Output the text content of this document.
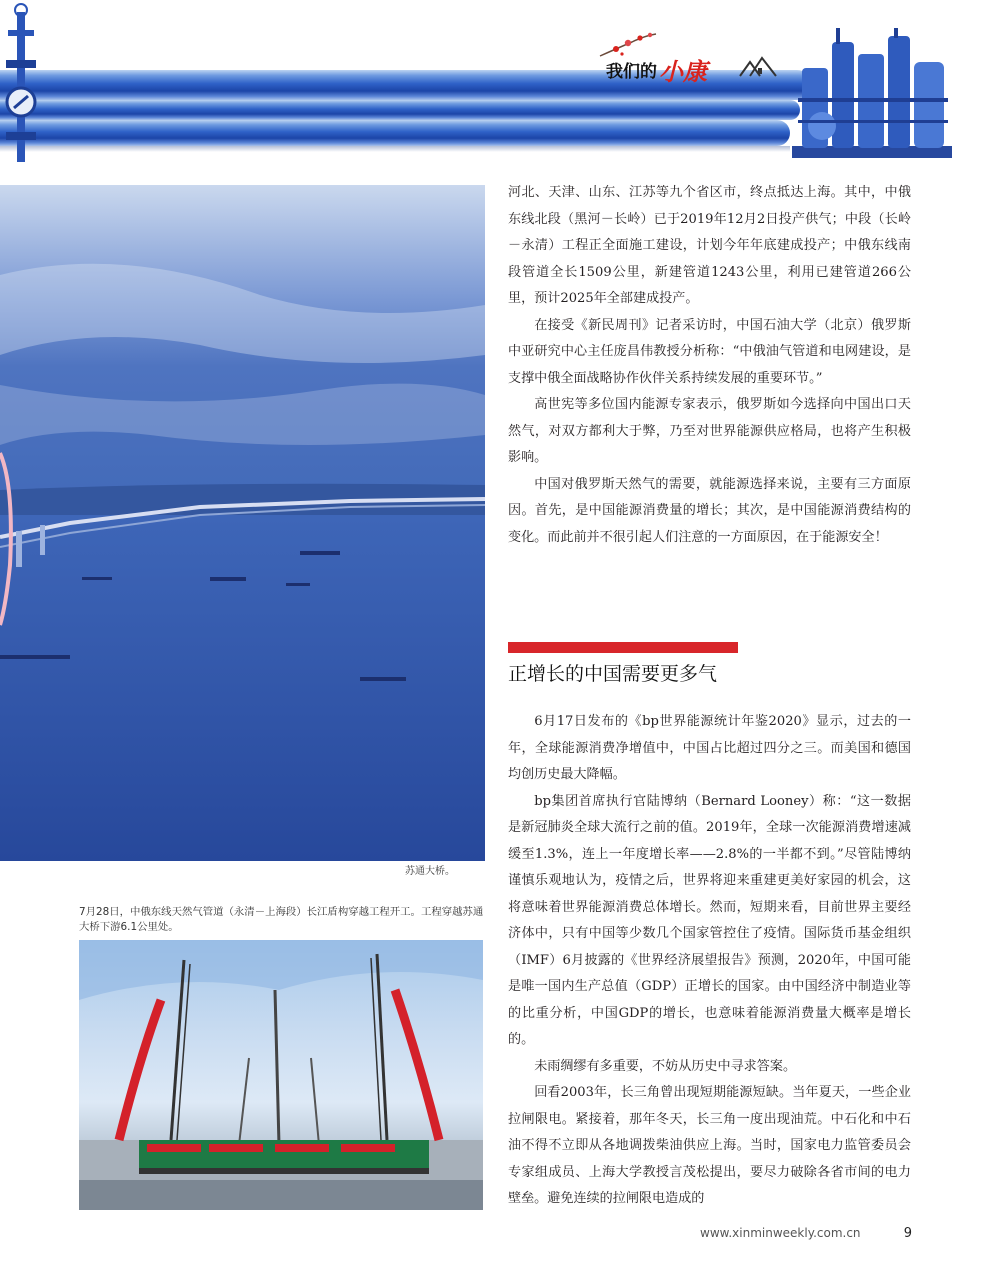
我们的 小康
苏通大桥。
7月28日，中俄东线天然气管道（永清－上海段）长江盾构穿越工程开工。工程穿越苏通大桥下游6.1公里处。

河北、天津、山东、江苏等九个省区市，终点抵达上海。其中，中俄东线北段（黑河－长岭）已于2019年12月2日投产供气；中段（长岭－永清）工程正全面施工建设，计划今年年底建成投产；中俄东线南段管道全长1509公里，新建管道1243公里，利用已建管道266公里，预计2025年全部建成投产。

在接受《新民周刊》记者采访时，中国石油大学（北京）俄罗斯中亚研究中心主任庞昌伟教授分析称：“中俄油气管道和电网建设，是支撑中俄全面战略协作伙伴关系持续发展的重要环节。”

高世宪等多位国内能源专家表示，俄罗斯如今选择向中国出口天然气，对双方都利大于弊，乃至对世界能源供应格局，也将产生积极影响。

中国对俄罗斯天然气的需要，就能源选择来说，主要有三方面原因。首先，是中国能源消费量的增长；其次，是中国能源消费结构的变化。而此前并不很引起人们注意的一方面原因，在于能源安全！

正增长的中国需要更多气

6月17日发布的《bp世界能源统计年鉴2020》显示，过去的一年，全球能源消费净增值中，中国占比超过四分之三。而美国和德国均创历史最大降幅。

bp集团首席执行官陆博纳（Bernard Looney）称：“这一数据是新冠肺炎全球大流行之前的值。2019年，全球一次能源消费增速减缓至1.3%，连上一年度增长率——2.8%的一半都不到。”尽管陆博纳谨慎乐观地认为，疫情之后，世界将迎来重建更美好家园的机会，这将意味着世界能源消费总体增长。然而，短期来看，目前世界主要经济体中，只有中国等少数几个国家管控住了疫情。国际货币基金组织（IMF）6月披露的《世界经济展望报告》预测，2020年，中国可能是唯一国内生产总值（GDP）正增长的国家。由中国经济中制造业等的比重分析，中国GDP的增长，也意味着能源消费量大概率是增长的。

未雨绸缪有多重要，不妨从历史中寻求答案。

回看2003年，长三角曾出现短期能源短缺。当年夏天，一些企业拉闸限电。紧接着，那年冬天，长三角一度出现油荒。中石化和中石油不得不立即从各地调拨柴油供应上海。当时，国家电力监管委员会专家组成员、上海大学教授言茂松提出，要尽力破除各省市间的电力壁垒。避免连续的拉闸限电造成的

www.xinminweekly.com.cn	9
